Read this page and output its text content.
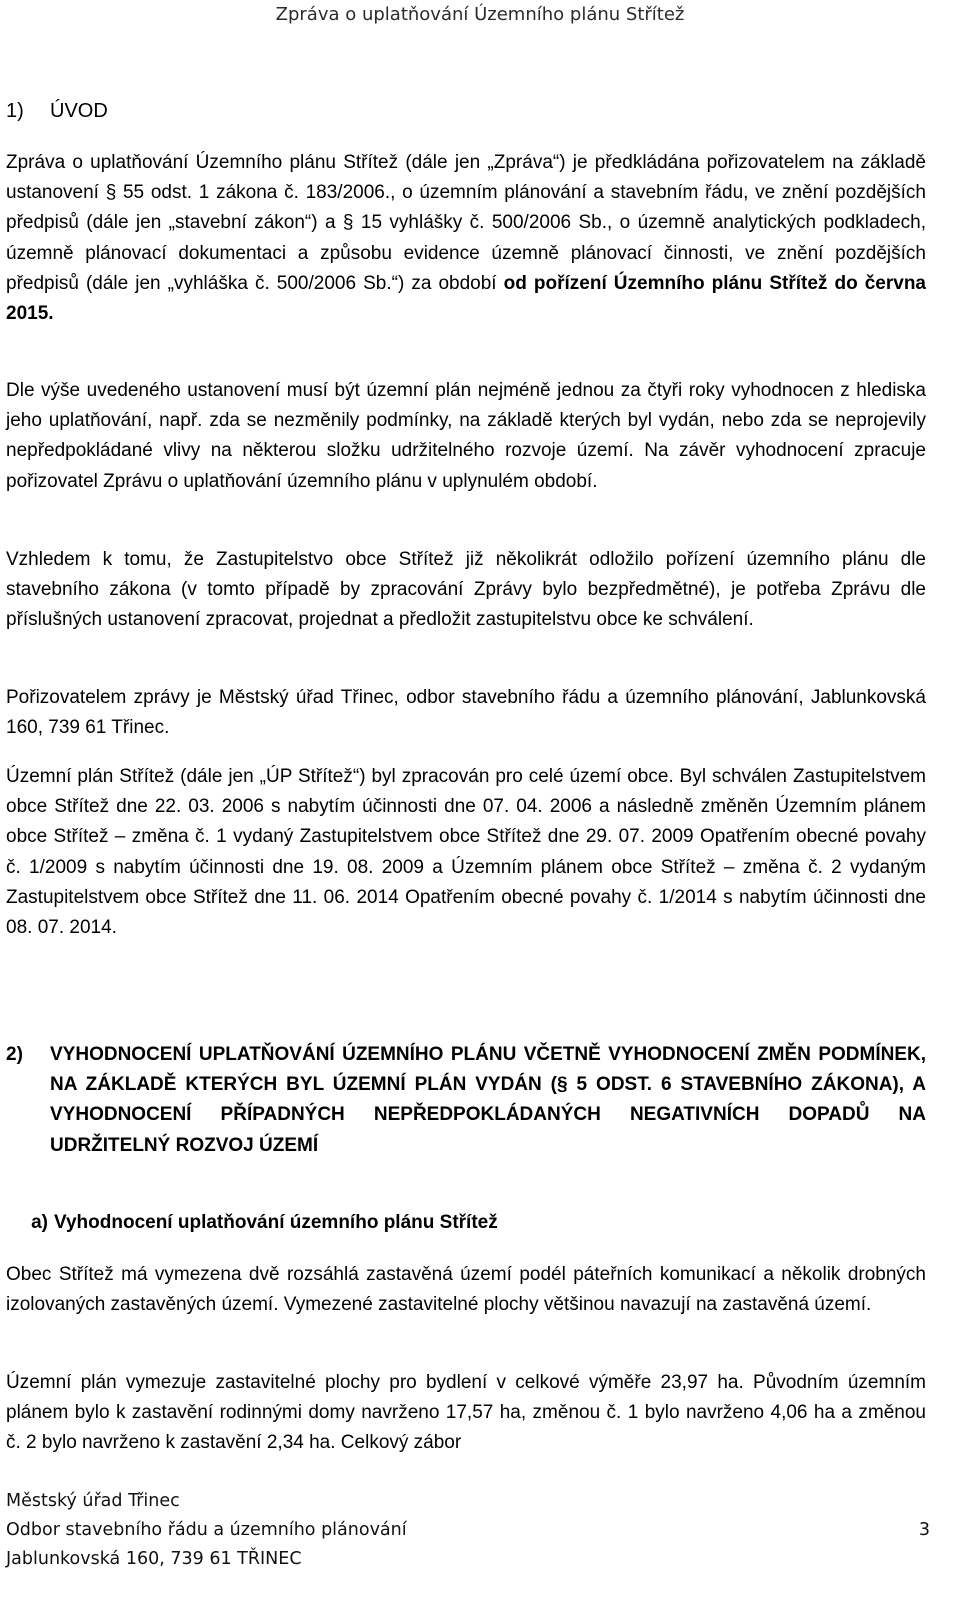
Zpráva o uplatňování Územního plánu Střítež
1) ÚVOD

Zpráva o uplatňování Územního plánu Střítež (dále jen „Zpráva“) je předkládána pořizovatelem na základě ustanovení § 55 odst. 1 zákona č. 183/2006., o územním plánování a stavebním řádu, ve znění pozdějších předpisů (dále jen „stavební zákon“) a § 15 vyhlášky č. 500/2006 Sb., o územně analytických podkladech, územně plánovací dokumentaci a způsobu evidence územně plánovací činnosti, ve znění pozdějších předpisů (dále jen „vyhláška č. 500/2006 Sb.“) za období od pořízení Územního plánu Střítež do června 2015.

Dle výše uvedeného ustanovení musí být územní plán nejméně jednou za čtyři roky vyhodnocen z hlediska jeho uplatňování, např. zda se nezměnily podmínky, na základě kterých byl vydán, nebo zda se neprojevily nepředpokládané vlivy na některou složku udržitelného rozvoje území. Na závěr vyhodnocení zpracuje pořizovatel Zprávu o uplatňování územního plánu v uplynulém období.

Vzhledem k tomu, že Zastupitelstvo obce Střítež již několikrát odložilo pořízení územního plánu dle stavebního zákona (v tomto případě by zpracování Zprávy bylo bezpředmětné), je potřeba Zprávu dle příslušných ustanovení zpracovat, projednat a předložit zastupitelstvu obce ke schválení.

Pořizovatelem zprávy je Městský úřad Třinec, odbor stavebního řádu a územního plánování, Jablunkovská 160, 739 61 Třinec.

Územní plán Střítež (dále jen „ÚP Střítež“) byl zpracován pro celé území obce. Byl schválen Zastupitelstvem obce Střítež dne 22. 03. 2006 s nabytím účinnosti dne 07. 04. 2006 a následně změněn Územním plánem obce Střítež – změna č. 1 vydaný Zastupitelstvem obce Střítež dne 29. 07. 2009 Opatřením obecné povahy č. 1/2009 s nabytím účinnosti dne 19. 08. 2009 a Územním plánem obce Střítež – změna č. 2 vydaným Zastupitelstvem obce Střítež dne 11. 06. 2014 Opatřením obecné povahy č. 1/2014 s nabytím účinnosti dne 08. 07. 2014.

2) VYHODNOCENÍ UPLATŇOVÁNÍ ÚZEMNÍHO PLÁNU VČETNĚ VYHODNOCENÍ ZMĚN PODMÍNEK, NA ZÁKLADĚ KTERÝCH BYL ÚZEMNÍ PLÁN VYDÁN (§ 5 ODST. 6 STAVEBNÍHO ZÁKONA), A VYHODNOCENÍ PŘÍPADNÝCH NEPŘEDPOKLÁDANÝCH NEGATIVNÍCH DOPADŮ NA UDRŽITELNÝ ROZVOJ ÚZEMÍ
a) Vyhodnocení uplatňování územního plánu Střítež

Obec Střítež má vymezena dvě rozsáhlá zastavěná území podél páteřních komunikací a několik drobných izolovaných zastavěných území. Vymezené zastavitelné plochy většinou navazují na zastavěná území.

Územní plán vymezuje zastavitelné plochy pro bydlení v celkové výměře 23,97 ha. Původním územním plánem bylo k zastavění rodinnými domy navrženo 17,57 ha, změnou č. 1 bylo navrženo 4,06 ha a změnou č. 2 bylo navrženo k zastavění 2,34 ha. Celkový zábor

Městský úřad Třinec
Odbor stavebního řádu a územního plánování
Jablunkovská 160, 739 61 TŘINEC
3
